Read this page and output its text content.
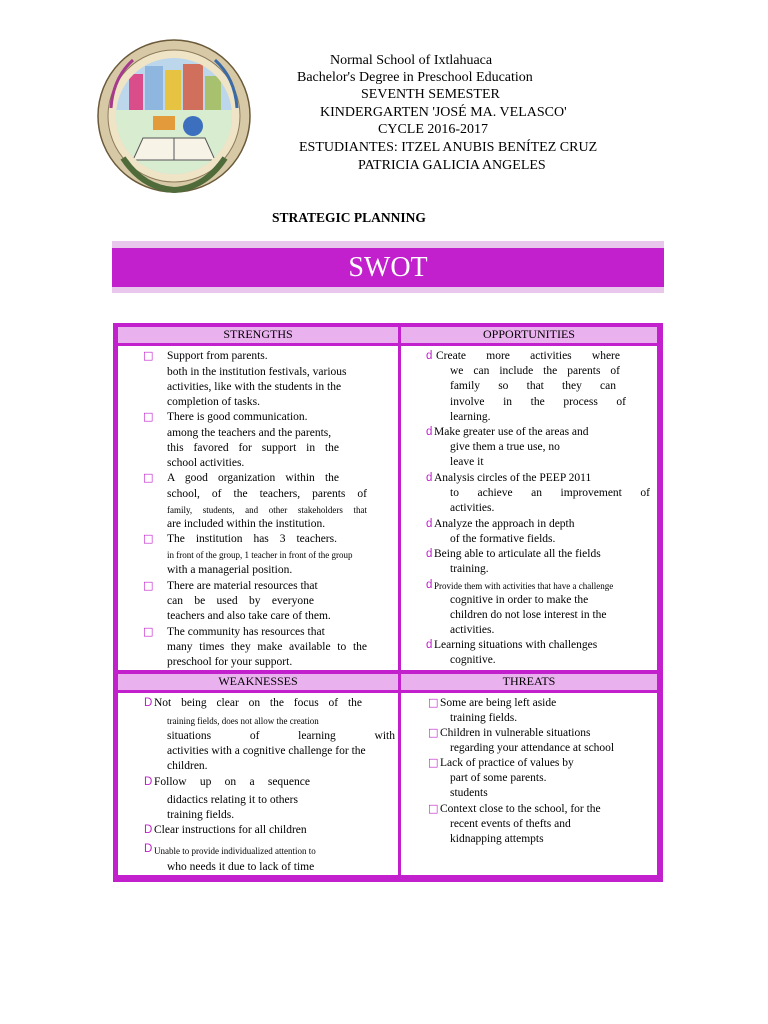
Normal School of Ixtlahuaca
Bachelor's Degree in Preschool Education
SEVENTH SEMESTER
KINDERGARTEN 'JOSÉ MA. VELASCO'
CYCLE 2016-2017
ESTUDIANTES: ITZEL ANUBIS BENÍTEZ CRUZ
PATRICIA GALICIA ANGELES
STRATEGIC PLANNING
SWOT
STRENGTHS	OPPORTUNITIES
WEAKNESSES	THREATS
□ Support from parents.
both in the institution festivals, various
activities, like with the students in the
completion of tasks.
□ There is good communication.
among the teachers and the parents,
this favored for support in the
school activities.
□ A good organization within the
school, of the teachers, parents of
family, students, and other stakeholders that
are included within the institution.
□ The institution has 3 teachers.
in front of the group, 1 teacher in front of the group
with a managerial position.
□ There are material resources that
can be used by everyone
teachers and also take care of them.
□ The community has resources that
many times they make available to the
preschool for your support.
d Create more activities where
we can include the parents of
family so that they can
involve in the process of
learning.
d Make greater use of the areas and
give them a true use, no
leave it
d Analysis circles of the PEEP 2011
to achieve an improvement of
activities.
d Analyze the approach in depth
of the formative fields.
d Being able to articulate all the fields
training.
d Provide them with activities that have a challenge
cognitive in order to make the
children do not lose interest in the
activities.
d Learning situations with challenges
cognitive.
D Not being clear on the focus of the
training fields, does not allow the creation
situations of learning with
activities with a cognitive challenge for the
children.
D Follow up on a sequence
didactics relating it to others
training fields.
D Clear instructions for all children
D Unable to provide individualized attention to
who needs it due to lack of time
□ Some are being left aside
training fields.
□ Children in vulnerable situations
regarding your attendance at school
□ Lack of practice of values by
part of some parents.
students
□ Context close to the school, for the
recent events of thefts and
kidnapping attempts
